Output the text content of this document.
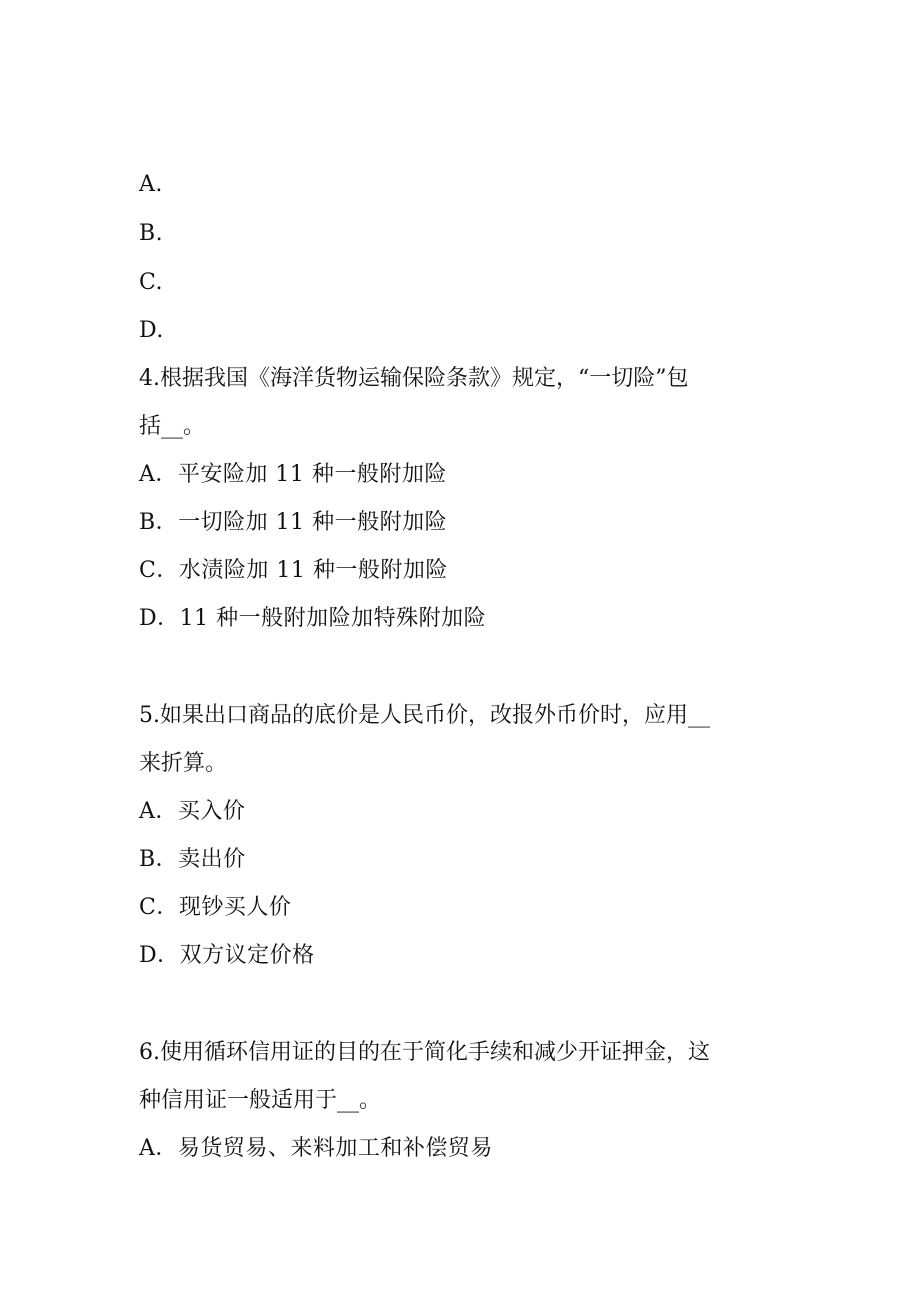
A.
B.
C.
D.
4.根据我国《海洋货物运输保险条款》规定，“一切险”包
括__。
A．平安险加 11 种一般附加险
B．一切险加 11 种一般附加险
C．水渍险加 11 种一般附加险
D．11 种一般附加险加特殊附加险
5.如果出口商品的底价是人民币价，改报外币价时，应用__
来折算。
A．买入价
B．卖出价
C．现钞买人价
D．双方议定价格
6.使用循环信用证的目的在于简化手续和减少开证押金，这
种信用证一般适用于__。
A．易货贸易、来料加工和补偿贸易
